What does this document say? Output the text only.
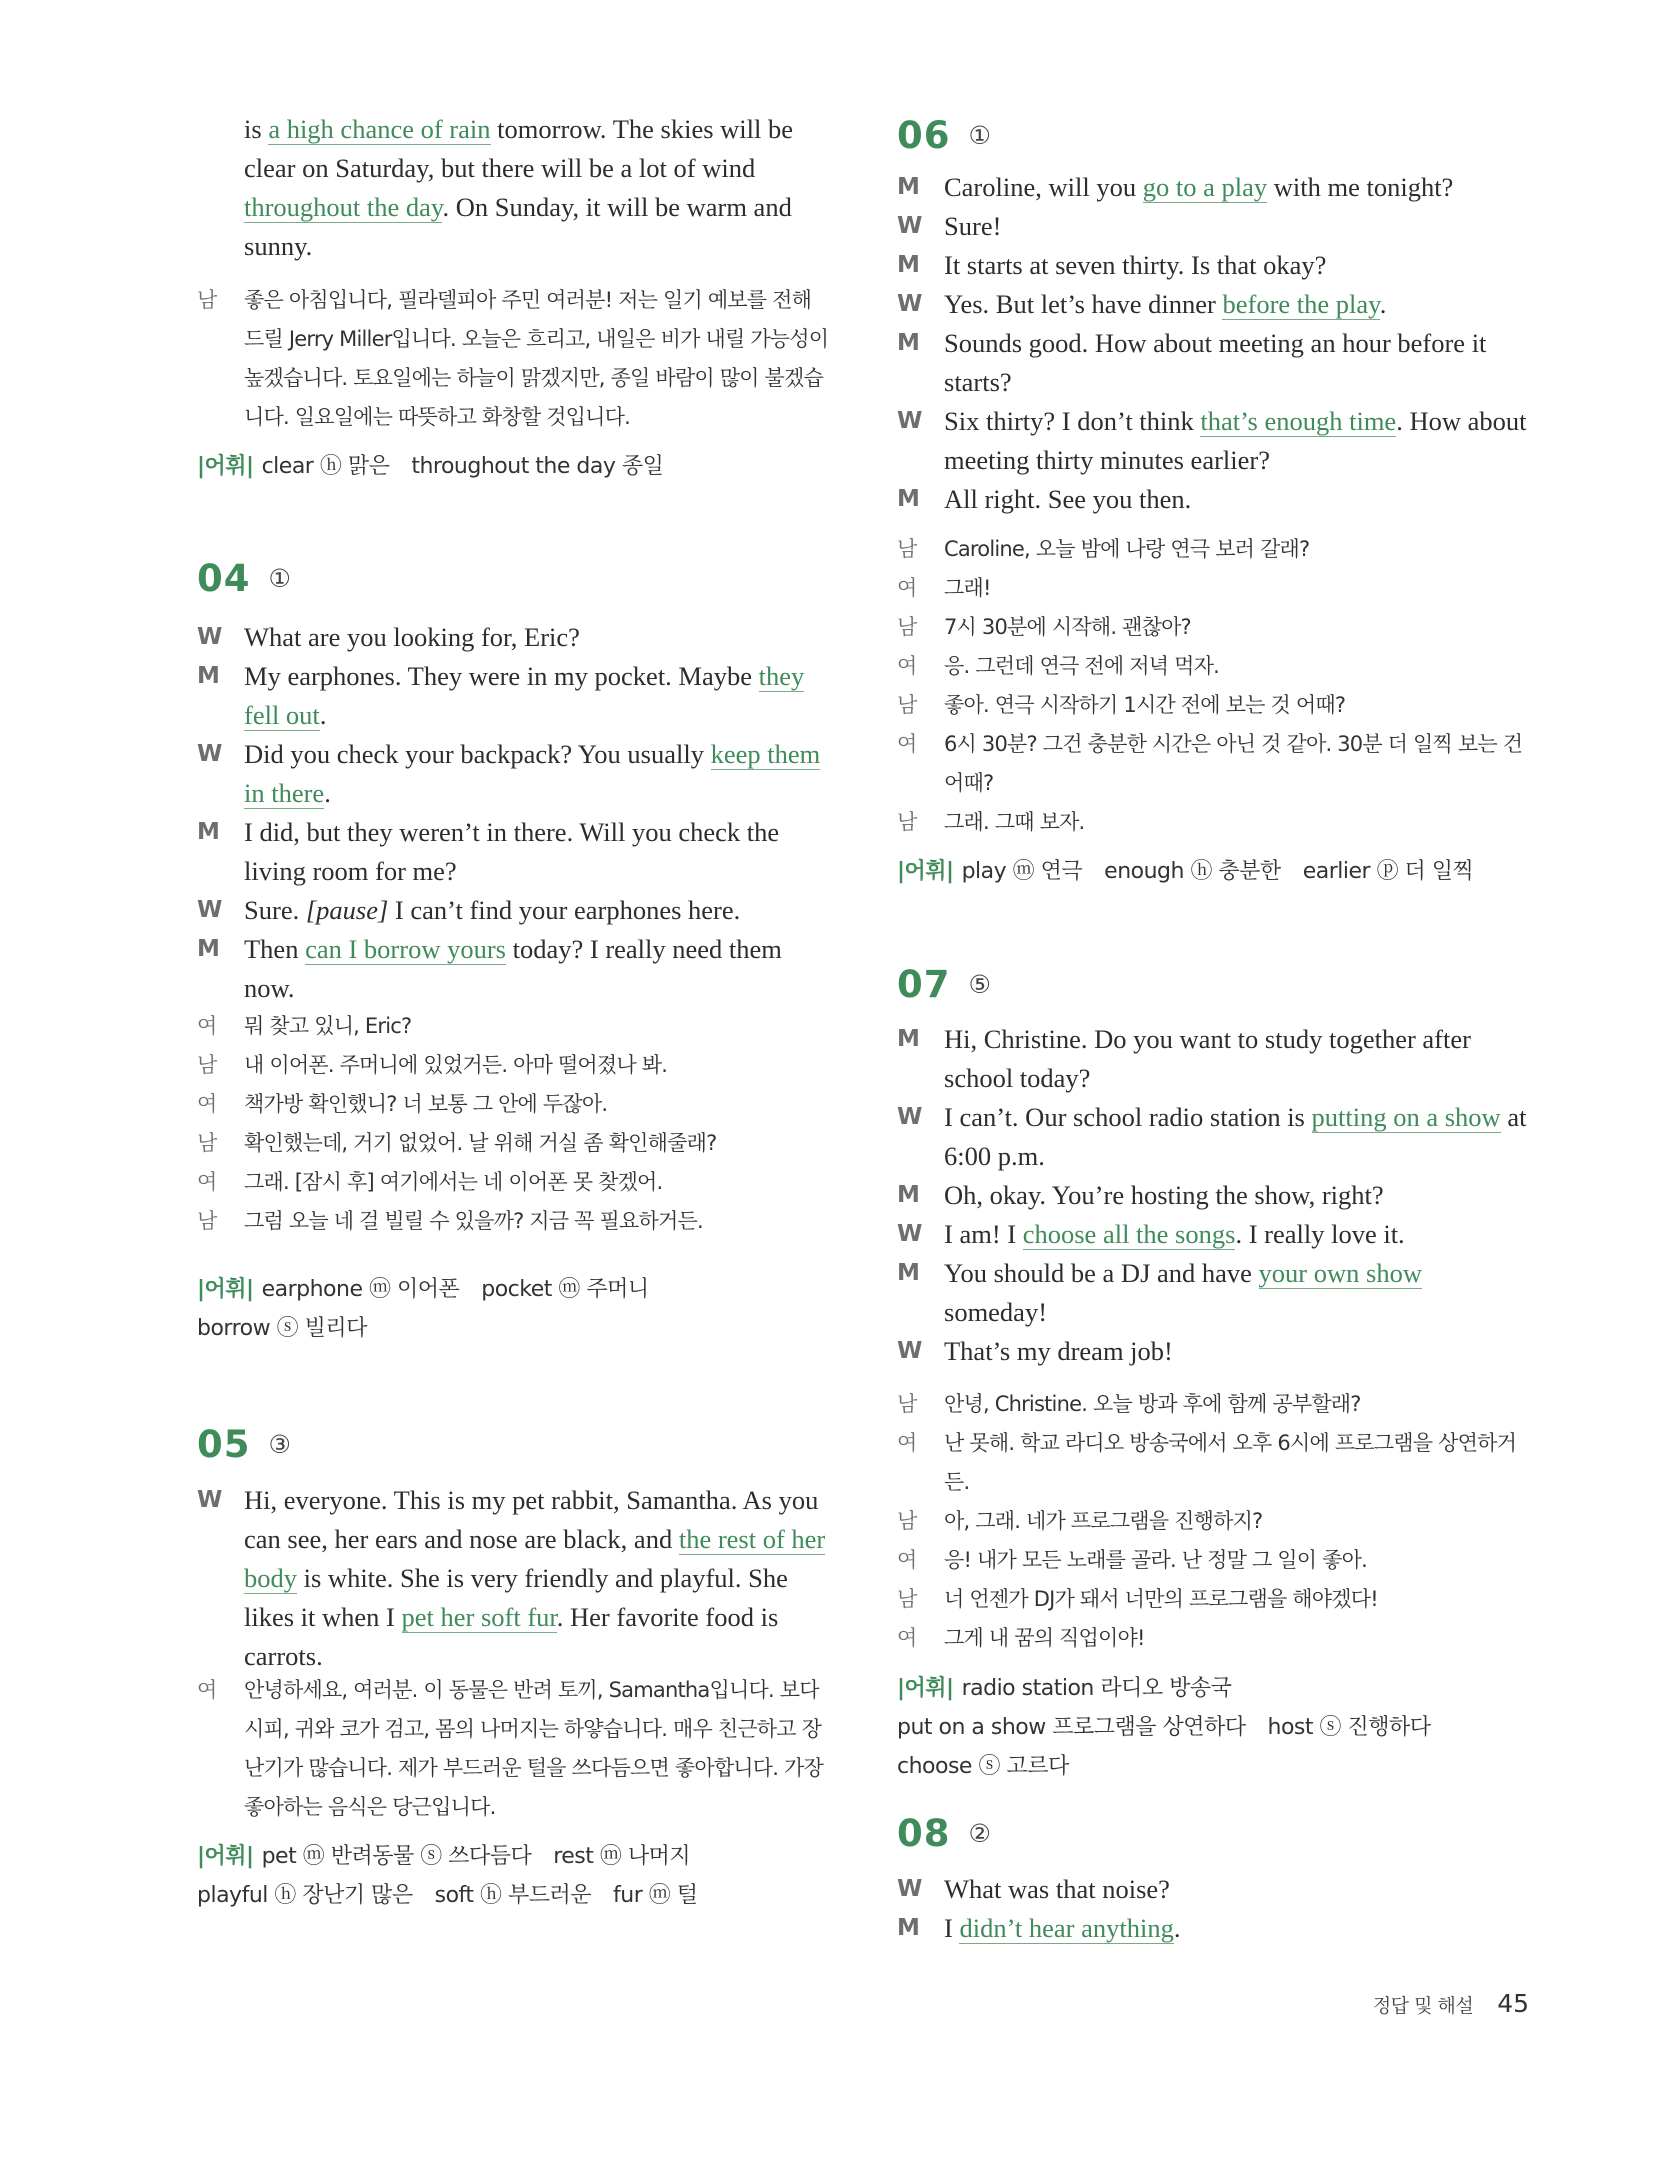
is a high chance of rain tomorrow. The skies will be clear on Saturday, but there will be a lot of wind throughout the day. On Sunday, it will be warm and sunny.
남 좋은 아침입니다, 필라델피아 주민 여러분! 저는 일기 예보를 전해 드릴 Jerry Miller입니다. 오늘은 흐리고, 내일은 비가 내릴 가능성이 높겠습니다. 토요일에는 하늘이 맑겠지만, 종일 바람이 많이 불겠습니다. 일요일에는 따뜻하고 화창할 것입니다.
|어휘| clear ⓗ 맑은 throughout the day 종일
04 ①
W What are you looking for, Eric?
M My earphones. They were in my pocket. Maybe they fell out.
W Did you check your backpack? You usually keep them in there.
M I did, but they weren’t in there. Will you check the living room for me?
W Sure. [pause] I can’t find your earphones here.
M Then can I borrow yours today? I really need them now.
여 뭐 찾고 있니, Eric?
남 내 이어폰. 주머니에 있었거든. 아마 떨어졌나 봐.
여 책가방 확인했니? 너 보통 그 안에 두잖아.
남 확인했는데, 거기 없었어. 날 위해 거실 좀 확인해줄래?
여 그래. [잠시 후] 여기에서는 네 이어폰 못 찾겠어.
남 그럼 오늘 네 걸 빌릴 수 있을까? 지금 꼭 필요하거든.
|어휘| earphone ⓜ 이어폰 pocket ⓜ 주머니borrow ⓢ 빌리다
05 ③
W Hi, everyone. This is my pet rabbit, Samantha. As you can see, her ears and nose are black, and the rest of her body is white. She is very friendly and playful. She likes it when I pet her soft fur. Her favorite food is carrots.
여 안녕하세요, 여러분. 이 동물은 반려 토끼, Samantha입니다. 보다시피, 귀와 코가 검고, 몸의 나머지는 하얗습니다. 매우 친근하고 장난기가 많습니다. 제가 부드러운 털을 쓰다듬으면 좋아합니다. 가장 좋아하는 음식은 당근입니다.
|어휘| pet ⓜ 반려동물 ⓢ 쓰다듬다 rest ⓜ 나머지playful ⓗ 장난기 많은 soft ⓗ 부드러운 fur ⓜ 털
06 ①
M Caroline, will you go to a play with me tonight?
W Sure!
M It starts at seven thirty. Is that okay?
W Yes. But let’s have dinner before the play.
M Sounds good. How about meeting an hour before it starts?
W Six thirty? I don’t think that’s enough time. How about meeting thirty minutes earlier?
M All right. See you then.
남 Caroline, 오늘 밤에 나랑 연극 보러 갈래?
여 그래!
남 7시 30분에 시작해. 괜찮아?
여 응. 그런데 연극 전에 저녁 먹자.
남 좋아. 연극 시작하기 1시간 전에 보는 것 어때?
여 6시 30분? 그건 충분한 시간은 아닌 것 같아. 30분 더 일찍 보는 건 어때?
남 그래. 그때 보자.
|어휘| play ⓜ 연극 enough ⓗ 충분한 earlier ⓟ 더 일찍
07 ⑤
M Hi, Christine. Do you want to study together after school today?
W I can’t. Our school radio station is putting on a show at 6:00 p.m.
M Oh, okay. You’re hosting the show, right?
W I am! I choose all the songs. I really love it.
M You should be a DJ and have your own show someday!
W That’s my dream job!
남 안녕, Christine. 오늘 방과 후에 함께 공부할래?
여 난 못해. 학교 라디오 방송국에서 오후 6시에 프로그램을 상연하거든.
남 아, 그래. 네가 프로그램을 진행하지?
여 응! 내가 모든 노래를 골라. 난 정말 그 일이 좋아.
남 너 언젠가 DJ가 돼서 너만의 프로그램을 해야겠다!
여 그게 내 꿈의 직업이야!
|어휘| radio station 라디오 방송국put on a show 프로그램을 상연하다 host ⓢ 진행하다choose ⓢ 고르다
08 ②
W What was that noise?
M I didn’t hear anything.
정답 및 해설 45
